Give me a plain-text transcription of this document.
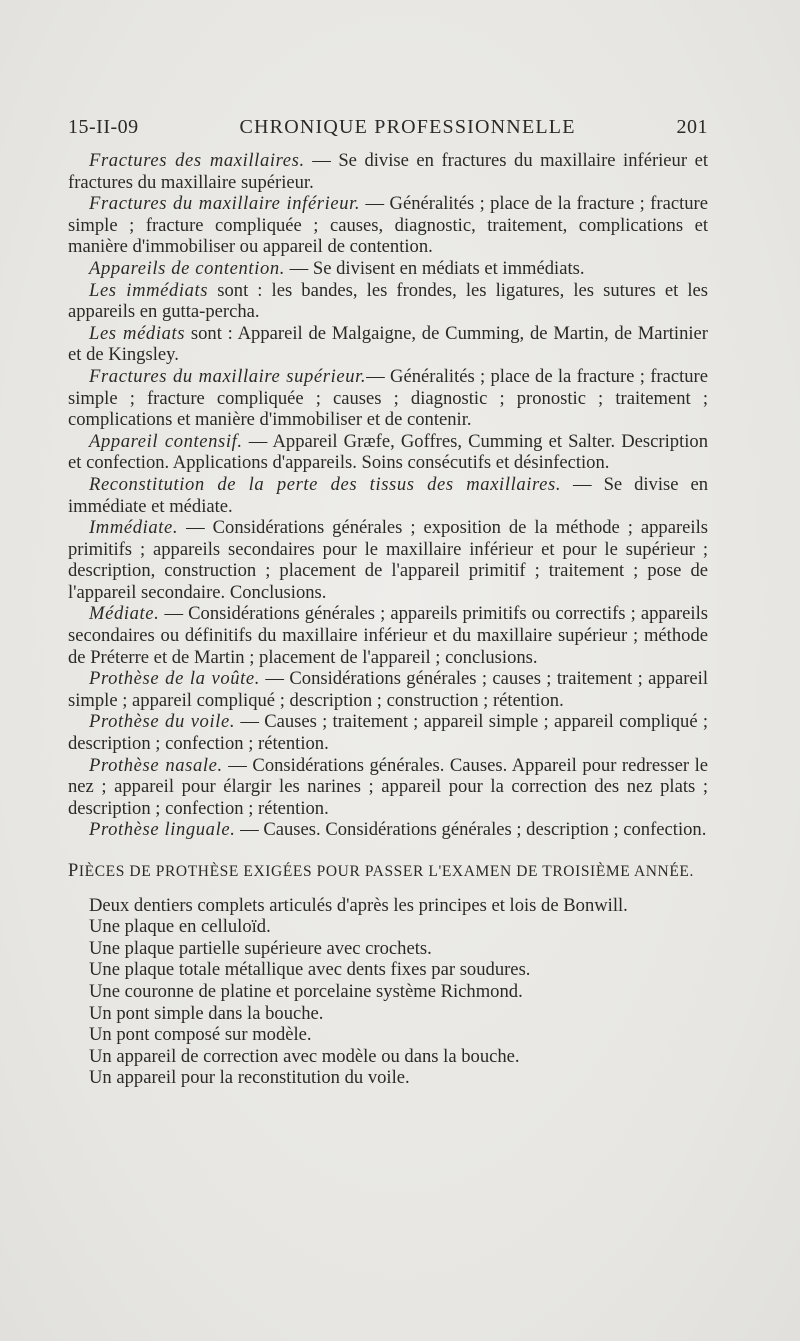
15-II-09	CHRONIQUE PROFESSIONNELLE	201

Fractures des maxillaires. — Se divise en fractures du maxillaire inférieur et fractures du maxillaire supérieur.

Fractures du maxillaire inférieur. — Généralités ; place de la fracture ; fracture simple ; fracture compliquée ; causes, diagnostic, traitement, complications et manière d'immobiliser ou appareil de contention.

Appareils de contention. — Se divisent en médiats et immédiats.

Les immédiats sont : les bandes, les frondes, les ligatures, les sutures et les appareils en gutta-percha.

Les médiats sont : Appareil de Malgaigne, de Cumming, de Martin, de Martinier et de Kingsley.

Fractures du maxillaire supérieur.— Généralités ; place de la fracture ; fracture simple ; fracture compliquée ; causes ; diagnostic ; pronostic ; traitement ; complications et manière d'immobiliser et de contenir.

Appareil contensif. — Appareil Græfe, Goffres, Cumming et Salter. Description et confection. Applications d'appareils. Soins consécutifs et désinfection.

Reconstitution de la perte des tissus des maxillaires. — Se divise en immédiate et médiate.

Immédiate. — Considérations générales ; exposition de la méthode ; appareils primitifs ; appareils secondaires pour le maxillaire inférieur et pour le supérieur ; description, construction ; placement de l'appareil primitif ; traitement ; pose de l'appareil secondaire. Conclusions.

Médiate. — Considérations générales ; appareils primitifs ou correctifs ; appareils secondaires ou définitifs du maxillaire inférieur et du maxillaire supérieur ; méthode de Préterre et de Martin ; placement de l'appareil ; conclusions.

Prothèse de la voûte. — Considérations générales ; causes ; traitement ; appareil simple ; appareil compliqué ; description ; construction ; rétention.

Prothèse du voile. — Causes ; traitement ; appareil simple ; appareil compliqué ; description ; confection ; rétention.

Prothèse nasale. — Considérations générales. Causes. Appareil pour redresser le nez ; appareil pour élargir les narines ; appareil pour la correction des nez plats ; description ; confection ; rétention.

Prothèse linguale. — Causes. Considérations générales ; description ; confection.

PIÈCES DE PROTHÈSE EXIGÉES POUR PASSER L'EXAMEN DE TROISIÈME ANNÉE.

Deux dentiers complets articulés d'après les principes et lois de Bonwill.

Une plaque en celluloïd.

Une plaque partielle supérieure avec crochets.

Une plaque totale métallique avec dents fixes par soudures.

Une couronne de platine et porcelaine système Richmond.

Un pont simple dans la bouche.

Un pont composé sur modèle.

Un appareil de correction avec modèle ou dans la bouche.

Un appareil pour la reconstitution du voile.
